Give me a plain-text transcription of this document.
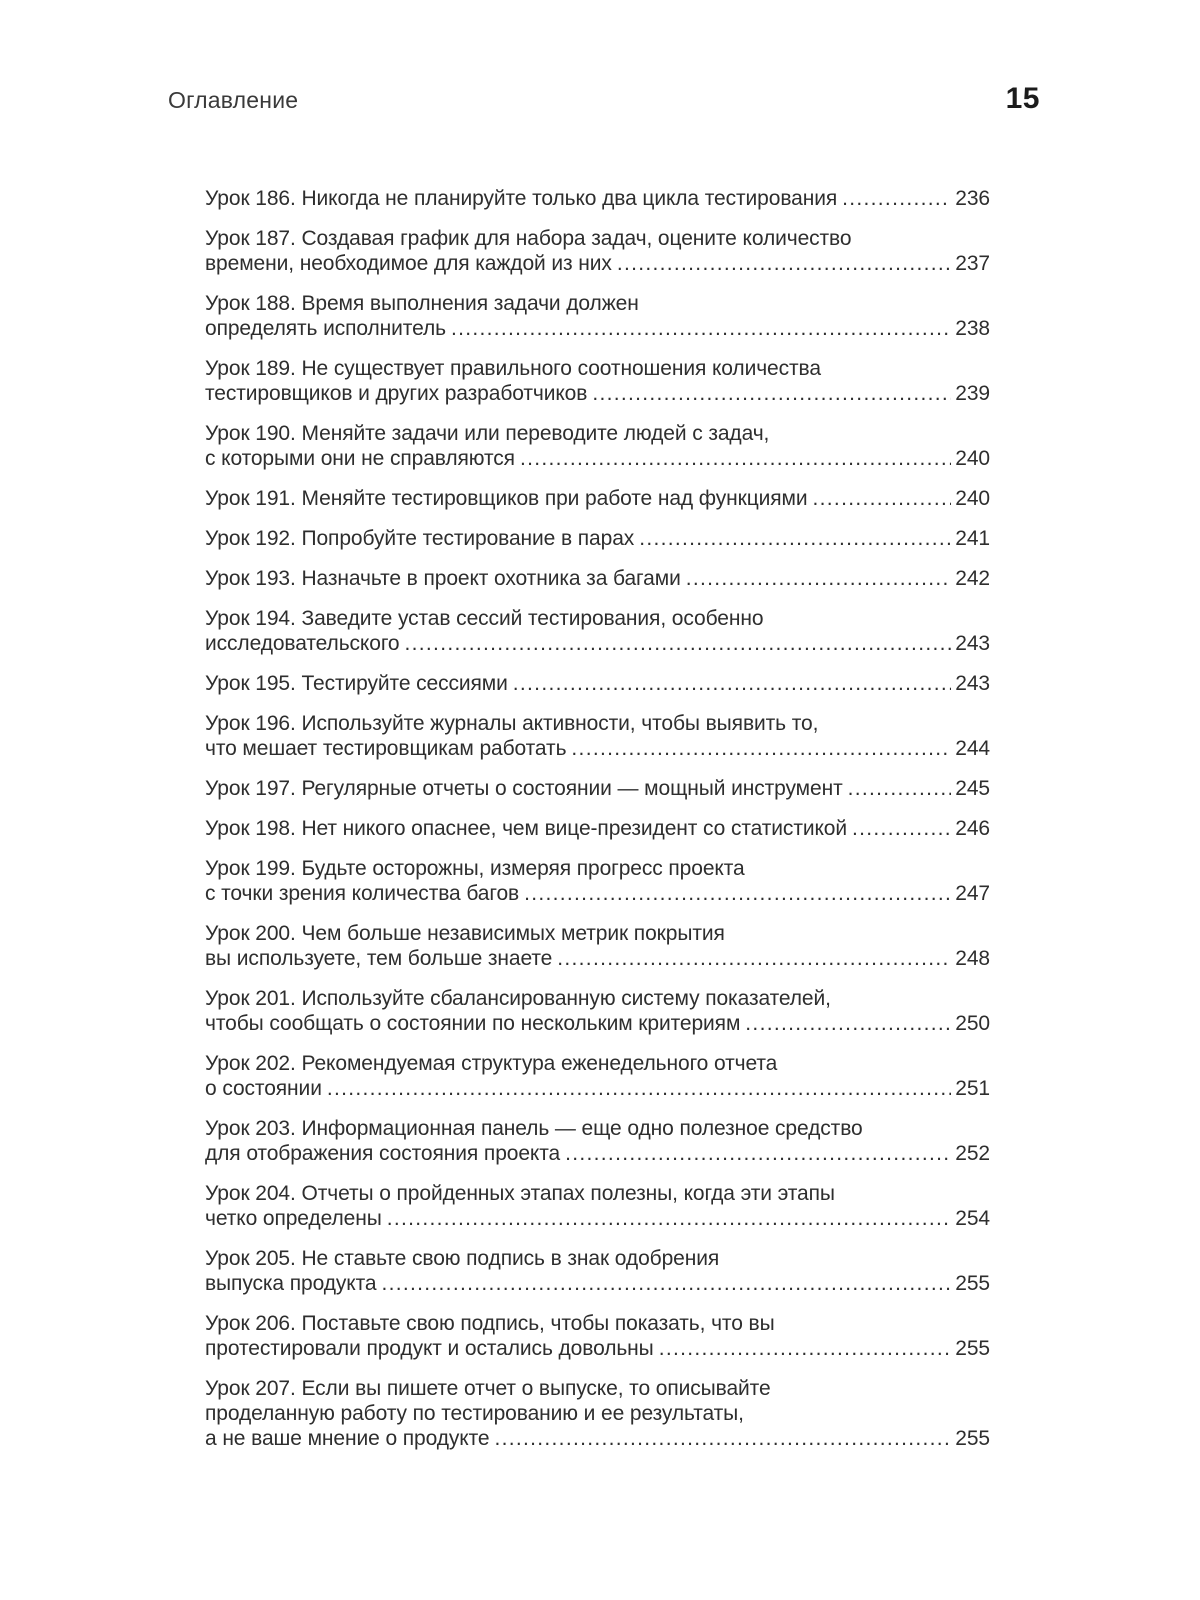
Оглавление	15
Урок 186. Никогда не планируйте только два цикла тестирования .....	236
Урок 187. Создавая график для набора задач, оцените количество
времени, необходимое для каждой из них .....	237
Урок 188. Время выполнения задачи должен
определять исполнитель .....	238
Урок 189. Не существует правильного соотношения количества
тестировщиков и других разработчиков .....	239
Урок 190. Меняйте задачи или переводите людей с задач,
с которыми они не справляются .....	240
Урок 191. Меняйте тестировщиков при работе над функциями .....	240
Урок 192. Попробуйте тестирование в парах .....	241
Урок 193. Назначьте в проект охотника за багами .....	242
Урок 194. Заведите устав сессий тестирования, особенно
исследовательского .....	243
Урок 195. Тестируйте сессиями .....	243
Урок 196. Используйте журналы активности, чтобы выявить то,
что мешает тестировщикам работать .....	244
Урок 197. Регулярные отчеты о состоянии — мощный инструмент .....	245
Урок 198. Нет никого опаснее, чем вице-президент со статистикой .....	246
Урок 199. Будьте осторожны, измеряя прогресс проекта
с точки зрения количества багов .....	247
Урок 200. Чем больше независимых метрик покрытия
вы используете, тем больше знаете .....	248
Урок 201. Используйте сбалансированную систему показателей,
чтобы сообщать о состоянии по нескольким критериям .....	250
Урок 202. Рекомендуемая структура еженедельного отчета
о состоянии .....	251
Урок 203. Информационная панель — еще одно полезное средство
для отображения состояния проекта .....	252
Урок 204. Отчеты о пройденных этапах полезны, когда эти этапы
четко определены .....	254
Урок 205. Не ставьте свою подпись в знак одобрения
выпуска продукта .....	255
Урок 206. Поставьте свою подпись, чтобы показать, что вы
протестировали продукт и остались довольны .....	255
Урок 207. Если вы пишете отчет о выпуске, то описывайте
проделанную работу по тестированию и ее результаты,
а не ваше мнение о продукте .....	255
